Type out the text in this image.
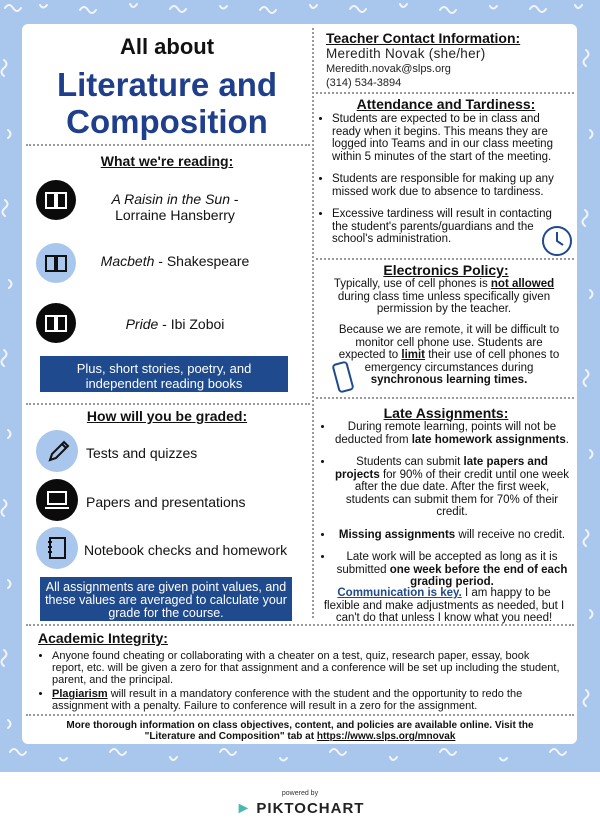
All about
Literature and Composition
What we're reading:
A Raisin in the Sun - Lorraine Hansberry
Macbeth - Shakespeare
Pride - Ibi Zoboi
Plus, short stories, poetry, and independent reading books
How will you be graded:
Tests and quizzes
Papers and presentations
Notebook checks and homework
All assignments are given point values, and these values are averaged to calculate your grade for the course.
Teacher Contact Information:
Meredith Novak (she/her)
Meredith.novak@slps.org
(314) 534-3894
Attendance and Tardiness:
• Students are expected to be in class and ready when it begins. This means they are logged into Teams and in our class meeting within 5 minutes of the start of the meeting.
• Students are responsible for making up any missed work due to absence to tardiness.
• Excessive tardiness will result in contacting the student's parents/guardians and the school's administration.
Electronics Policy:
Typically, use of cell phones is not allowed during class time unless specifically given permission by the teacher.
Because we are remote, it will be difficult to monitor cell phone use. Students are expected to limit their use of cell phones to emergency circumstances during synchronous learning times.
Late Assignments:
• During remote learning, points will not be deducted from late homework assignments.
• Students can submit late papers and projects for 90% of their credit until one week after the due date. After the first week, students can submit them for 70% of their credit.
• Missing assignments will receive no credit.
• Late work will be accepted as long as it is submitted one week before the end of each grading period.
Communication is key. I am happy to be flexible and make adjustments as needed, but I can't do that unless I know what you need!
Academic Integrity:
• Anyone found cheating or collaborating with a cheater on a test, quiz, research paper, essay, book report, etc. will be given a zero for that assignment and a conference will be set up including the student, parent, and the principal.
• Plagiarism will result in a mandatory conference with the student and the opportunity to redo the assignment with a penalty. Failure to conference will result in a zero for the assignment.
More thorough information on class objectives, content, and policies are available online. Visit the "Literature and Composition" tab at https://www.slps.org/mnovak
powered by
► PIKTOCHART
